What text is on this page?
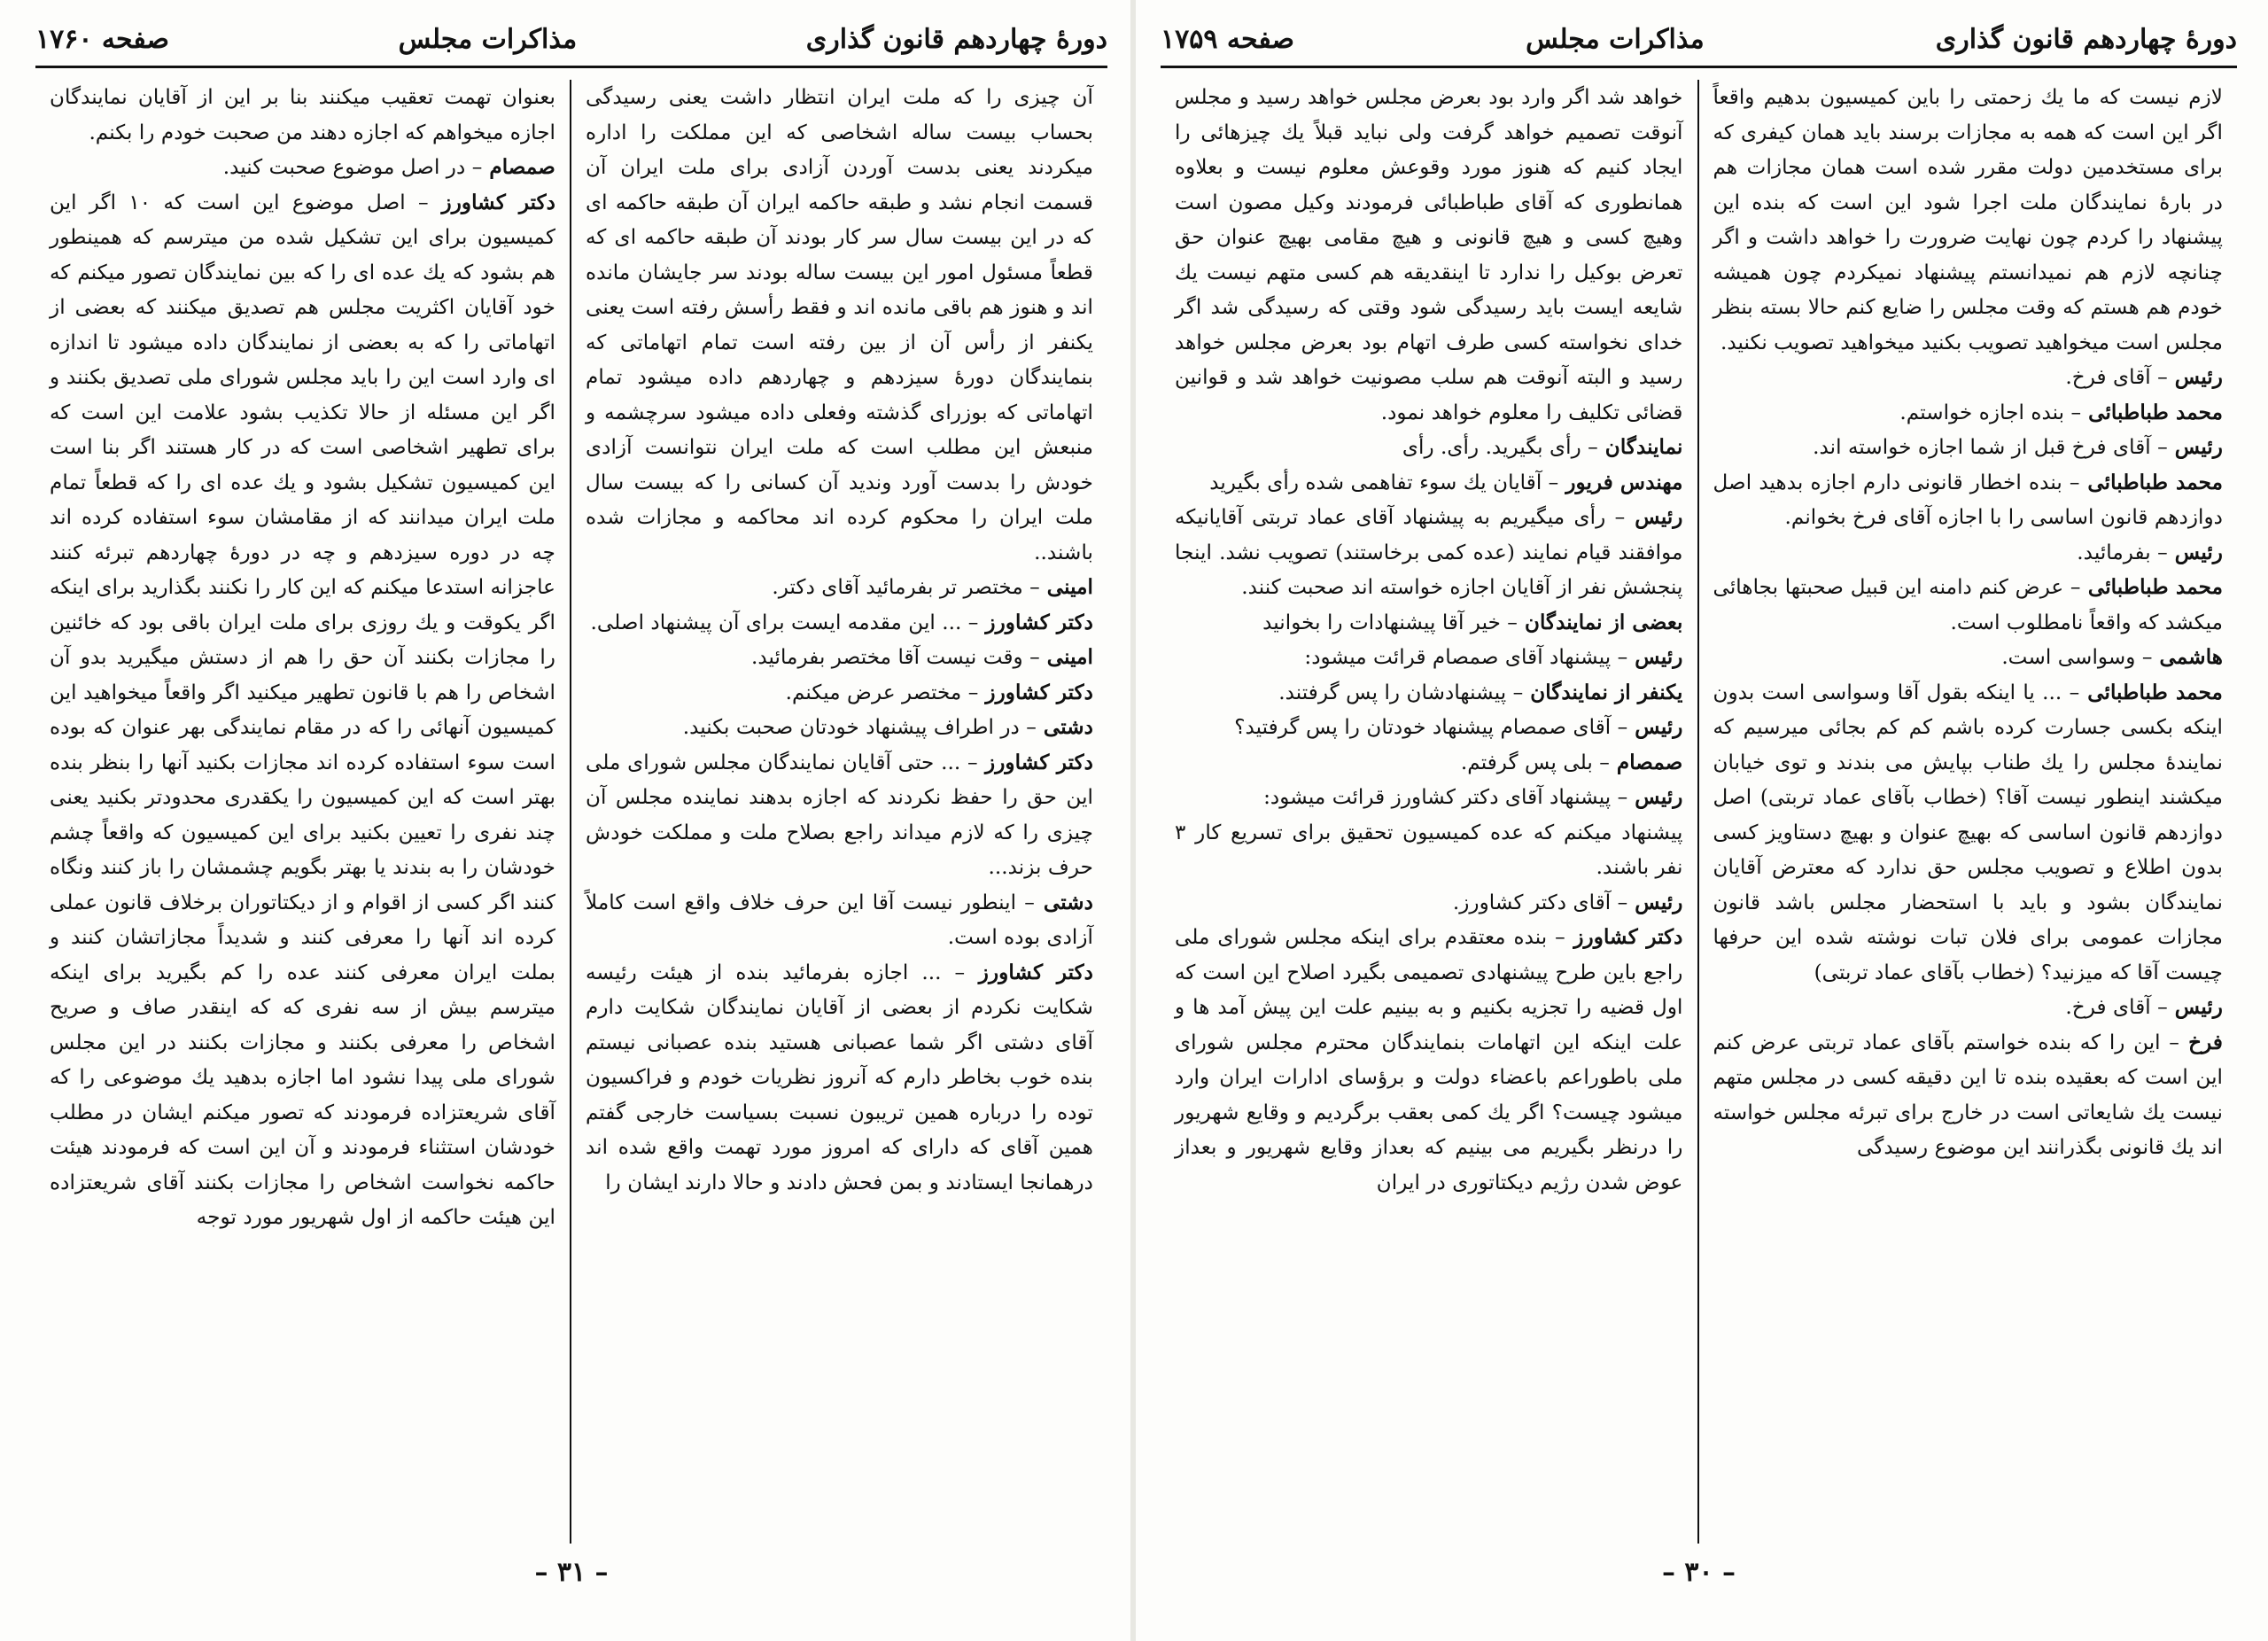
دورهٔ چهاردهم قانون گذاری
مذاکرات مجلس
صفحه ۱۷۶۰

آن چیزی را که ملت ایران انتظار داشت یعنی رسیدگی بحساب بیست ساله اشخاصی که این مملکت را اداره میکردند یعنی بدست آوردن آزادی برای ملت ایران آن قسمت انجام نشد و طبقه حاکمه ایران آن طبقه حاکمه ای که در این بیست سال سر کار بودند آن طبقه حاکمه ای که قطعاً مسئول امور این بیست ساله بودند سر جایشان مانده اند و هنوز هم باقی مانده اند و فقط رأسش رفته است یعنی یکنفر از رأس آن از بین رفته است تمام اتهاماتی که بنمایندگان دورهٔ سیزدهم و چهاردهم داده میشود تمام اتهاماتی که بوزرای گذشته وفعلی داده میشود سرچشمه و منبعش این مطلب است که ملت ایران نتوانست آزادی خودش را بدست آورد وندید آن کسانی را که بیست سال ملت ایران را محکوم کرده اند محاکمه و مجازات شده باشند..

امینی – مختصر تر بفرمائید آقای دکتر.

دکتر کشاورز – ... این مقدمه ایست برای آن پیشنهاد اصلی.

امینی – وقت نیست آقا مختصر بفرمائید.

دکتر کشاورز – مختصر عرض میکنم.

دشتی – در اطراف پیشنهاد خودتان صحبت بکنید.

دکتر کشاورز – ... حتی آقایان نمایندگان مجلس شورای ملی این حق را حفظ نکردند که اجازه بدهند نماینده مجلس آن چیزی را که لازم میداند راجع بصلاح ملت و مملکت خودش حرف بزند...

دشتی – اینطور نیست آقا این حرف خلاف واقع است کاملاً آزادی بوده است.

دکتر کشاورز – ... اجازه بفرمائید بنده از هیئت رئیسه شکایت نکردم از بعضی از آقایان نمایندگان شکایت دارم آقای دشتی اگر شما عصبانی هستید بنده عصبانی نیستم بنده خوب بخاطر دارم که آنروز نظریات خودم و فراکسیون توده را درباره همین تریبون نسبت بسیاست خارجی گفتم همین آقای که دارای که امروز مورد تهمت واقع شده اند درهمانجا ایستادند و بمن فحش دادند و حالا دارند ایشان را

بعنوان تهمت تعقیب میکنند بنا بر این از آقایان نمایندگان اجازه میخواهم که اجازه دهند من صحبت خودم را بکنم.

صمصام – در اصل موضوع صحبت کنید.

دکتر کشاورز – اصل موضوع این است که ۱۰ اگر این کمیسیون برای این تشکیل شده من میترسم که همینطور هم بشود که یك عده ای را که بین نمایندگان تصور میکنم که خود آقایان اکثریت مجلس هم تصدیق میکنند که بعضی از اتهاماتی را که به بعضی از نمایندگان داده میشود تا اندازه ای وارد است این را باید مجلس شورای ملی تصدیق بکنند و اگر این مسئله از حالا تکذیب بشود علامت این است که برای تطهیر اشخاصی است که در کار هستند اگر بنا است این کمیسیون تشکیل بشود و یك عده ای را که قطعاً تمام ملت ایران میدانند که از مقامشان سوء استفاده کرده اند چه در دوره سیزدهم و چه در دورهٔ چهاردهم تبرئه کنند عاجزانه استدعا میکنم که این کار را نکنند بگذارید برای اینکه اگر یکوقت و یك روزی برای ملت ایران باقی بود که خائنین را مجازات بکنند آن حق را هم از دستش میگیرید بدو آن اشخاص را هم با قانون تطهیر میکنید اگر واقعاً میخواهید این کمیسیون آنهائی را که در مقام نمایندگی بهر عنوان که بوده است سوء استفاده کرده اند مجازات بکنید آنها را بنظر بنده بهتر است که این کمیسیون را یکقدری محدودتر بکنید یعنی چند نفری را تعیین بکنید برای این کمیسیون که واقعاً چشم خودشان را به بندند یا بهتر بگویم چشمشان را باز کنند ونگاه کنند اگر کسی از اقوام و از دیکتاتوران برخلاف قانون عملی کرده اند آنها را معرفی کنند و شدیداً مجازاتشان کنند و بملت ایران معرفی کنند عده را کم بگیرید برای اینکه میترسم بیش از سه نفری که که اینقدر صاف و صریح اشخاص را معرفی بکنند و مجازات بکنند در این مجلس شورای ملی پیدا نشود اما اجازه بدهید یك موضوعی را که آقای شریعتزاده فرمودند که تصور میکنم ایشان در مطلب خودشان استثناء فرمودند و آن این است که فرمودند هیئت حاکمه نخواست اشخاص را مجازات بکنند آقای شریعتزاده این هیئت حاکمه از اول شهریور مورد توجه

– ۳۱ –
دورهٔ چهاردهم قانون گذاری
مذاکرات مجلس
صفحه ۱۷۵۹

لازم نیست که ما یك زحمتی را باین کمیسیون بدهیم واقعاً اگر این است که همه به مجازات برسند باید همان کیفری که برای مستخدمین دولت مقرر شده است همان مجازات هم در بارهٔ نمایندگان ملت اجرا شود این است که بنده این پیشنهاد را کردم چون نهایت ضرورت را خواهد داشت و اگر چنانچه لازم هم نمیدانستم پیشنهاد نمیکردم چون همیشه خودم هم هستم که وقت مجلس را ضایع کنم حالا بسته بنظر مجلس است میخواهید تصویب بکنید میخواهید تصویب نکنید.

رئیس – آقای فرخ.

محمد طباطبائی – بنده اجازه خواستم.

رئیس – آقای فرخ قبل از شما اجازه خواسته اند.

محمد طباطبائی – بنده اخطار قانونی دارم اجازه بدهید اصل دوازدهم قانون اساسی را با اجازه آقای فرخ بخوانم.

رئیس – بفرمائید.

محمد طباطبائی – عرض کنم دامنه این قبیل صحبتها بجاهائی میکشد که واقعاً نامطلوب است.

هاشمی – وسواسی است.

محمد طباطبائی – ... یا اینکه بقول آقا وسواسی است بدون اینکه بکسی جسارت کرده باشم کم کم بجائی میرسیم که نمایندهٔ مجلس را یك طناب بپایش می بندند و توی خیابان میکشند اینطور نیست آقا؟ (خطاب بآقای عماد تربتی) اصل دوازدهم قانون اساسی که بهیچ عنوان و بهیچ دستاویز کسی بدون اطلاع و تصویب مجلس حق ندارد که معترض آقایان نمایندگان بشود و باید با استحضار مجلس باشد قانون مجازات عمومی برای فلان تبات نوشته شده این حرفها چیست آقا که میزنید؟ (خطاب بآقای عماد تربتی)

رئیس – آقای فرخ.

فرخ – این را که بنده خواستم بآقای عماد تربتی عرض کنم این است که بعقیده بنده تا این دقیقه کسی در مجلس متهم نیست یك شایعاتی است در خارج برای تبرئه مجلس خواسته اند یك قانونی بگذرانند این موضوع رسیدگی

خواهد شد اگر وارد بود بعرض مجلس خواهد رسید و مجلس آنوقت تصمیم خواهد گرفت ولی نباید قبلاً یك چیزهائی را ایجاد کنیم که هنوز مورد وقوعش معلوم نیست و بعلاوه همانطوری که آقای طباطبائی فرمودند وکیل مصون است وهیچ کسی و هیچ قانونی و هیچ مقامی بهیچ عنوان حق تعرض بوکیل را ندارد تا اینقدیقه هم کسی متهم نیست یك شایعه ایست باید رسیدگی شود وقتی که رسیدگی شد اگر خدای نخواسته کسی طرف اتهام بود بعرض مجلس خواهد رسید و البته آنوقت هم سلب مصونیت خواهد شد و قوانین قضائی تکلیف را معلوم خواهد نمود.

نمایندگان – رأی بگیرید. رأی. رأی

مهندس فریور – آقایان یك سوء تفاهمی شده رأی بگیرید

رئیس – رأی میگیریم به پیشنهاد آقای عماد تربتی آقایانیکه موافقند قیام نمایند (عده کمی برخاستند) تصویب نشد. اینجا پنجشش نفر از آقایان اجازه خواسته اند صحبت کنند.

بعضی از نمایندگان – خیر آقا پیشنهادات را بخوانید

رئیس – پیشنهاد آقای صمصام قرائت میشود:

یکنفر از نمایندگان – پیشنهادشان را پس گرفتند.

رئیس – آقای صمصام پیشنهاد خودتان را پس گرفتید؟

صمصام – بلی پس گرفتم.

رئیس – پیشنهاد آقای دکتر کشاورز قرائت میشود:

پیشنهاد میکنم که عده کمیسیون تحقیق برای تسریع کار ۳ نفر باشند.

رئیس – آقای دکتر کشاورز.

دکتر کشاورز – بنده معتقدم برای اینکه مجلس شورای ملی راجع باین طرح پیشنهادی تصمیمی بگیرد اصلاح این است که اول قضیه را تجزیه بکنیم و به بینیم علت این پیش آمد ها و علت اینکه این اتهامات بنمایندگان محترم مجلس شورای ملی باطوراعم باعضاء دولت و برؤسای ادارات ایران وارد میشود چیست؟ اگر یك کمی بعقب برگردیم و وقایع شهریور را درنظر بگیریم می بینیم که بعداز وقایع شهریور و بعداز عوض شدن رژیم دیکتاتوری در ایران

– ۳۰ –
